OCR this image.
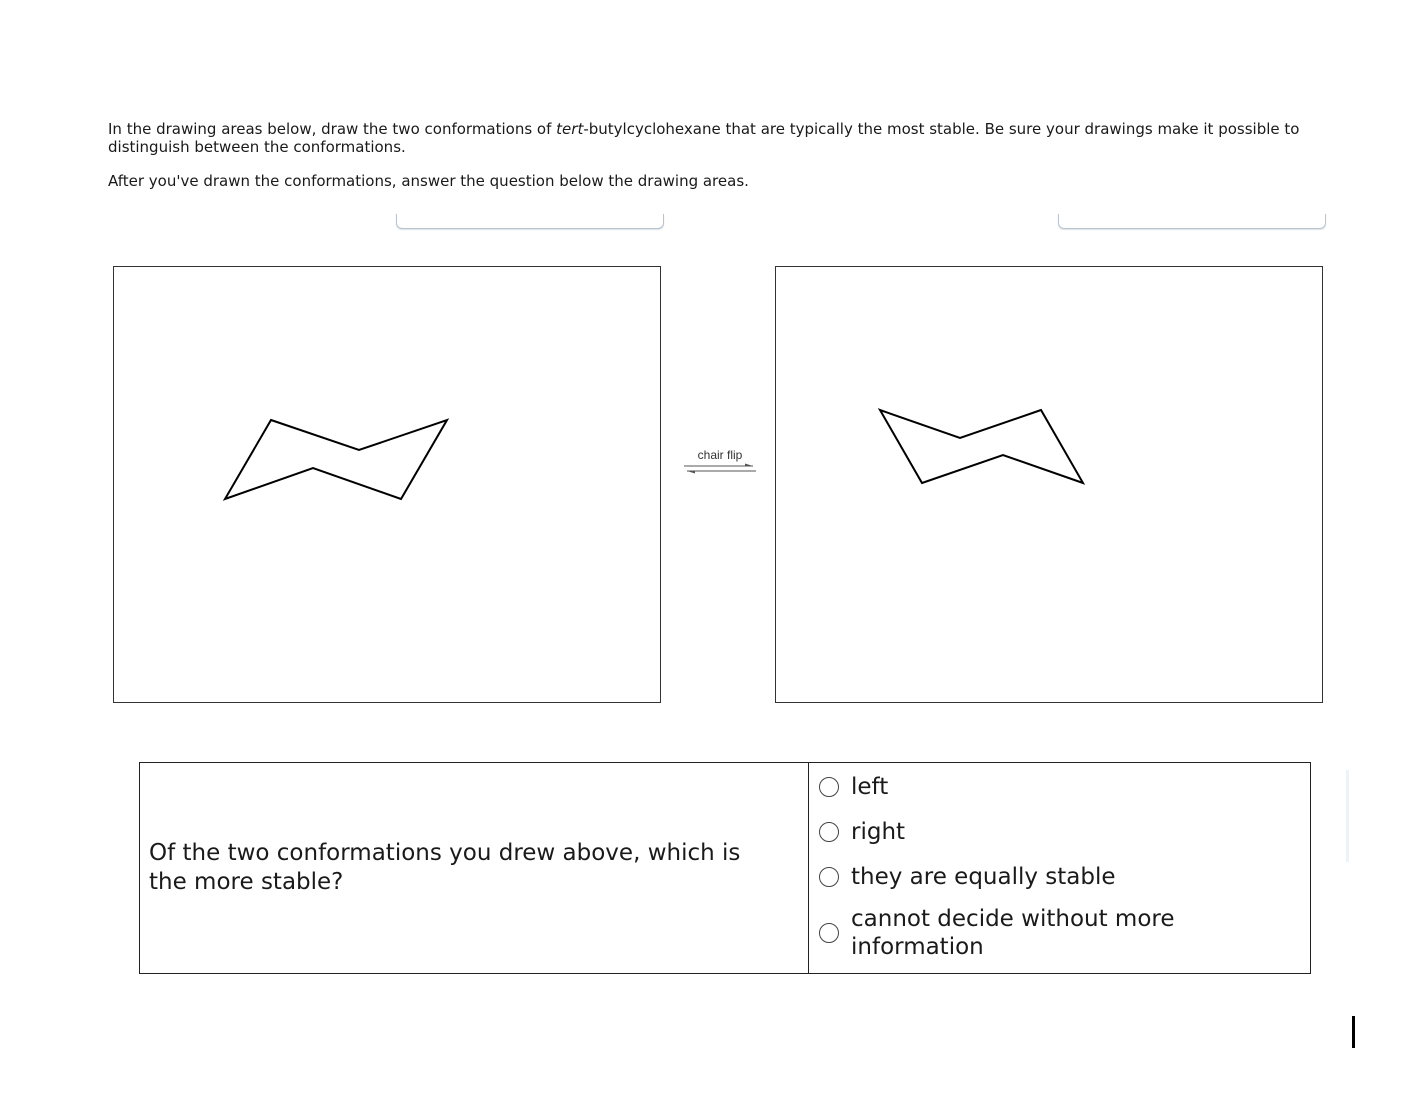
In the drawing areas below, draw the two conformations of tert-butylcyclohexane that are typically the most stable. Be sure your drawings make it possible to distinguish between the conformations.

After you've drawn the conformations, answer the question below the drawing areas.

chair flip
Of the two conformations you drew above, which is the more stable?
left
right
they are equally stable
cannot decide without more information
